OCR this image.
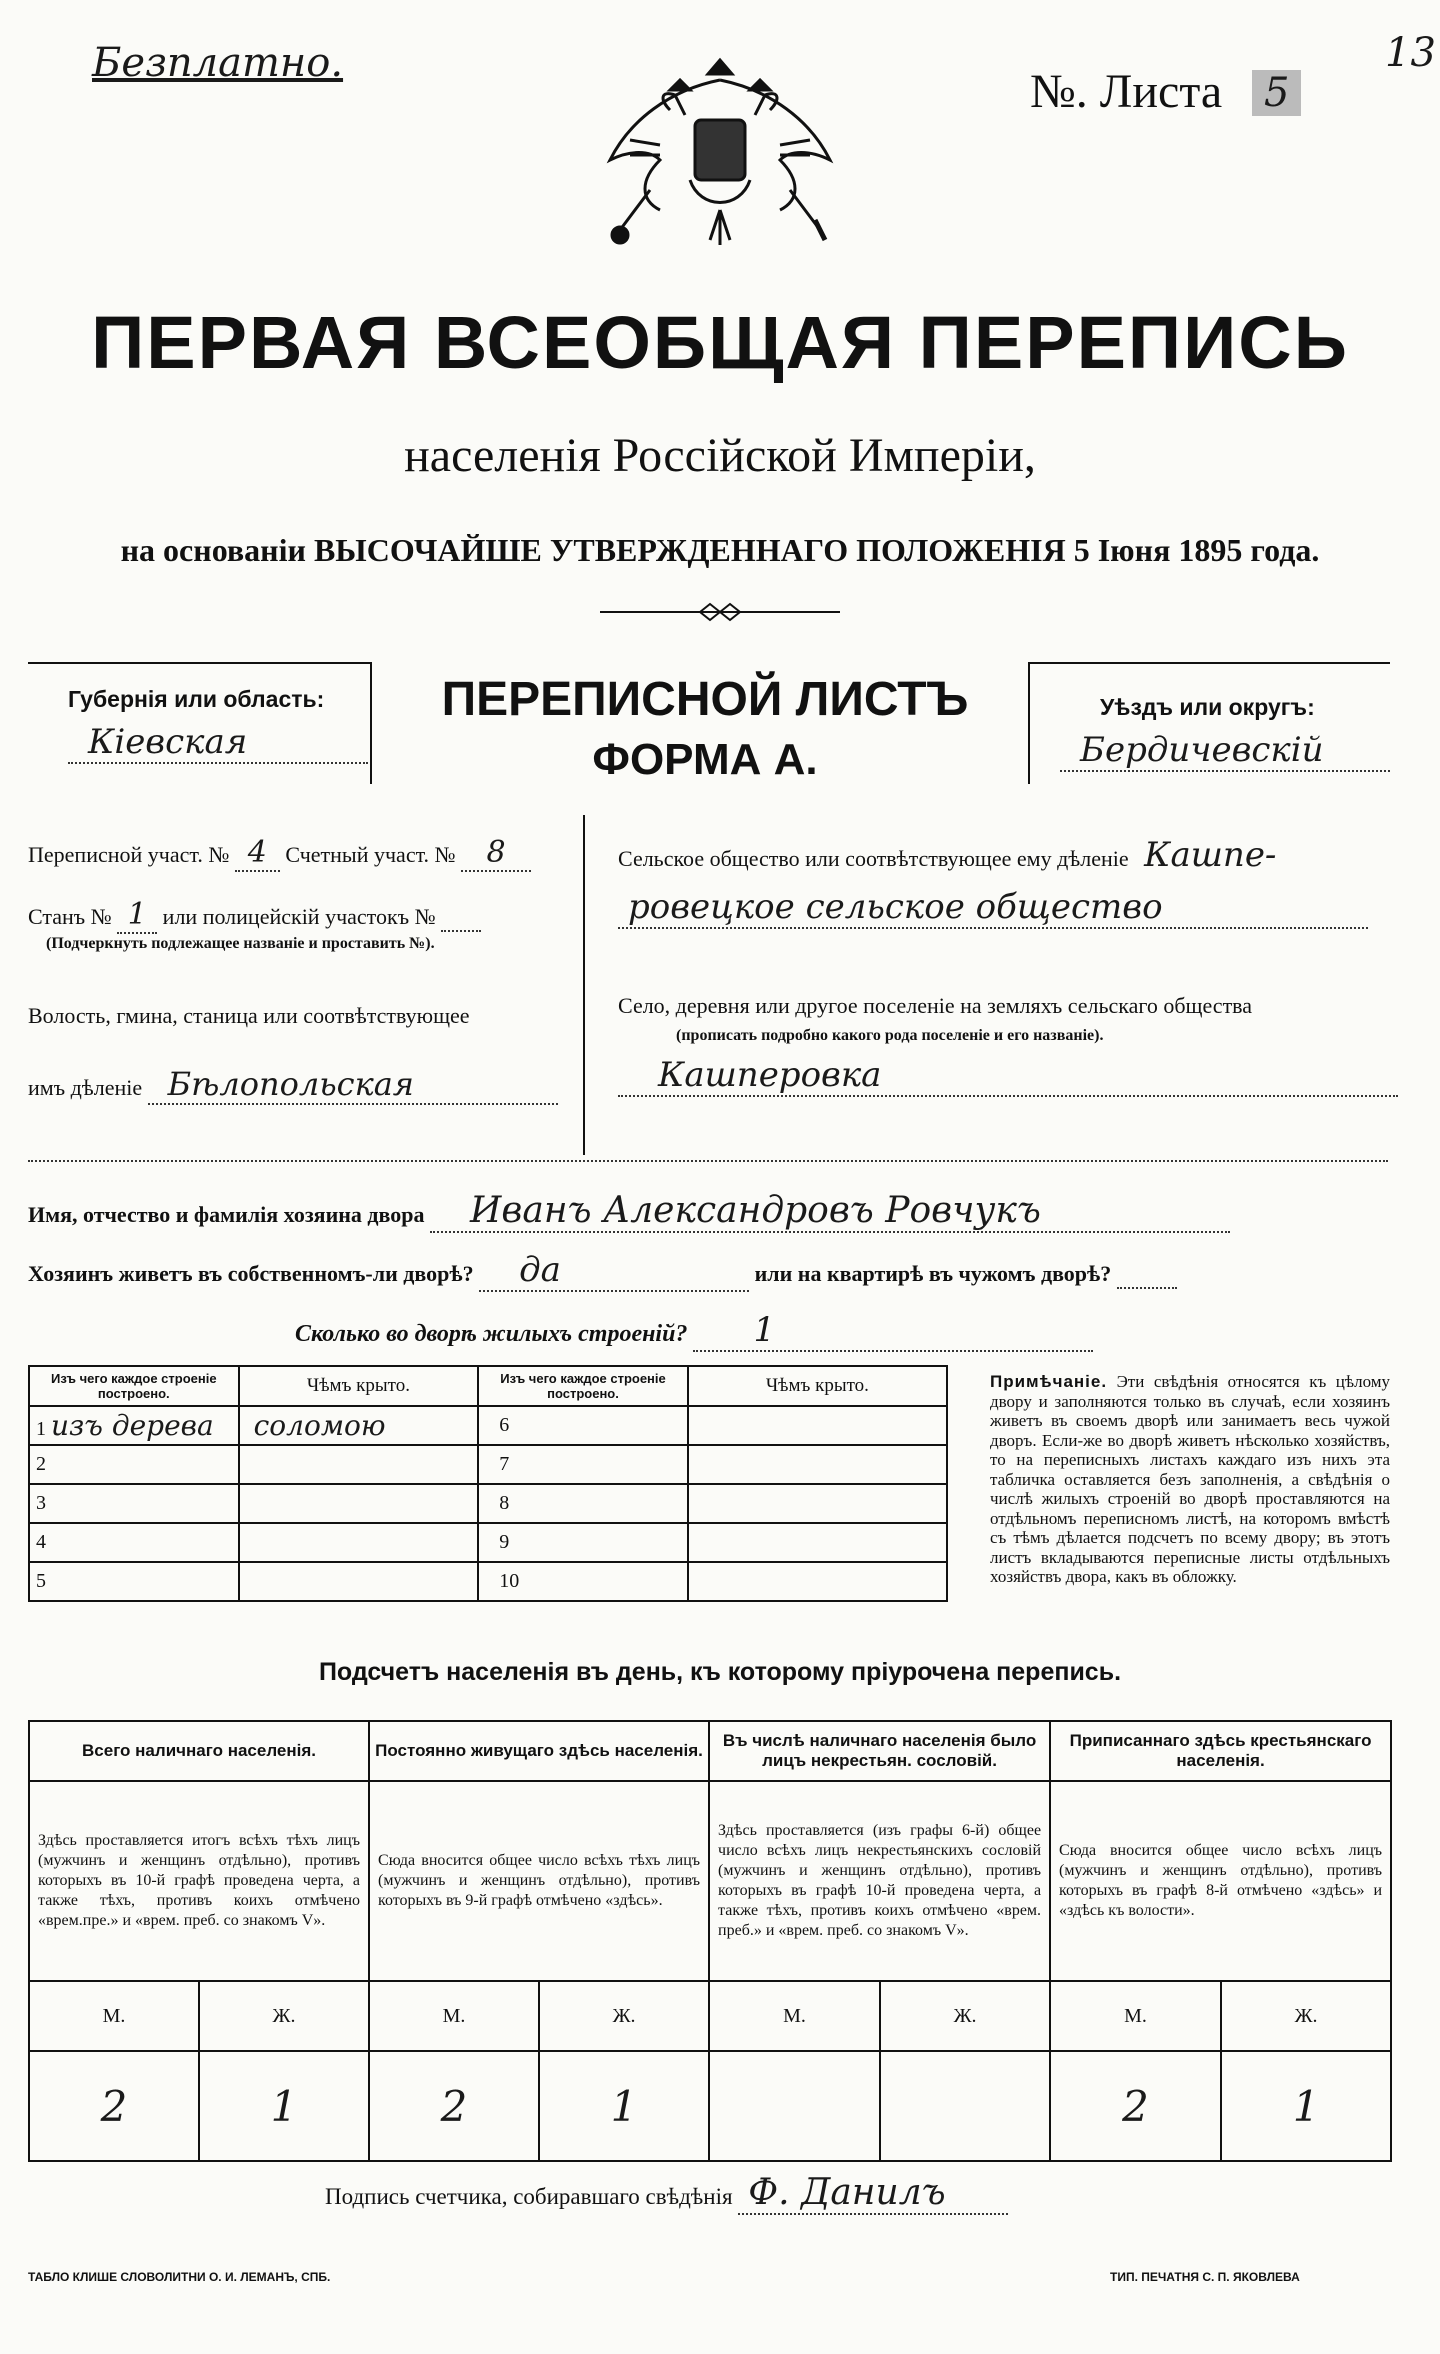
Безплатно.
№. Листа	5
13
ПЕРВАЯ ВСЕОБЩАЯ ПЕРЕПИСЬ
населенія Россійской Имперіи,
на основаніи ВЫСОЧАЙШЕ УТВЕРЖДЕННАГО ПОЛОЖЕНІЯ 5 Іюня 1895 года.
Губернія или область:
Кіевская
ПЕРЕПИСНОЙ ЛИСТЪ
ФОРМА А.
Уѣздъ или округъ:
Бердичевскій
Переписной участ. № 4 Счетный участ. № 8
Станъ № 1 или полицейскій участокъ №
(Подчеркнуть подлежащее названіе и проставить №).
Волость, гмина, станица или соотвѣтствующее
имъ дѣленіе Бѣлопольская
Сельское общество или соотвѣтствующее ему дѣленіе Кашпе-
ровецкое сельское общество
Село, деревня или другое поселеніе на земляхъ сельскаго общества
(прописать подробно какого рода поселеніе и его названіе).
Кашперовка
Имя, отчество и фамилія хозяина двора Иванъ Александровъ Ровчукъ
Хозяинъ живетъ въ собственномъ-ли дворѣ? да	или на квартирѣ въ чужомъ дворѣ?
Сколько во дворѣ жилыхъ строеній? 1
Изъ чего каждое строеніе построено.	Чѣмъ крыто.	Изъ чего каждое строеніе построено.	Чѣмъ крыто.
1 изъ дерева	соломою	6	
2		7	
3		8	
4		9	
5		10	
Примѣчаніе. Эти свѣдѣнія относятся къ цѣлому двору и заполняются только въ случаѣ, если хозяинъ живетъ въ своемъ дворѣ или занимаетъ весь чужой дворъ. Если-же во дворѣ живетъ нѣсколько хозяйствъ, то на переписныхъ листахъ каждаго изъ нихъ эта табличка оставляется безъ заполненія, а свѣдѣнія о числѣ жилыхъ строеній во дворѣ проставляются на отдѣльномъ переписномъ листѣ, на которомъ вмѣстѣ съ тѣмъ дѣлается подсчетъ по всему двору; въ этотъ листъ вкладываются переписные листы отдѣльныхъ хозяйствъ двора, какъ въ обложку.
Подсчетъ населенія въ день, къ которому пріурочена перепись.
Всего наличнаго населенія.		Постоянно живущаго здѣсь населенія.		Въ числѣ наличнаго населенія было лицъ некрестьян. сословій.		Приписаннаго здѣсь крестьянскаго населенія.	
Здѣсь проставляется итогъ всѣхъ тѣхъ лицъ (мужчинъ и женщинъ отдѣльно), противъ которыхъ въ 10-й графѣ проведена черта, а также тѣхъ, противъ коихъ отмѣчено «врем.пре.» и «врем. преб. со знакомъ V».		Сюда вносится общее число всѣхъ тѣхъ лицъ (мужчинъ и женщинъ отдѣльно), противъ которыхъ въ 9-й графѣ отмѣчено «здѣсь».		Здѣсь проставляется (изъ графы 6-й) общее число всѣхъ лицъ некрестьянскихъ сословій (мужчинъ и женщинъ отдѣльно), противъ которыхъ въ графѣ 10-й проведена черта, а также тѣхъ, противъ коихъ отмѣчено «врем. преб.» и «врем. преб. со знакомъ V».		Сюда вносится общее число всѣхъ лицъ (мужчинъ и женщинъ отдѣльно), противъ которыхъ въ графѣ 8-й отмѣчено «здѣсь» и «здѣсь къ волости».	
М.	Ж.	М.	Ж.	М.	Ж.	М.	Ж.
2	1	2	1			2	1
Подпись счетчика, собиравшаго свѣдѣнія Ф. Данилъ
ТАБЛО КЛИШЕ СЛОВОЛИТНИ О. И. ЛЕМАНЪ, СПБ.	ТИП. ПЕЧАТНЯ С. П. ЯКОВЛЕВА
